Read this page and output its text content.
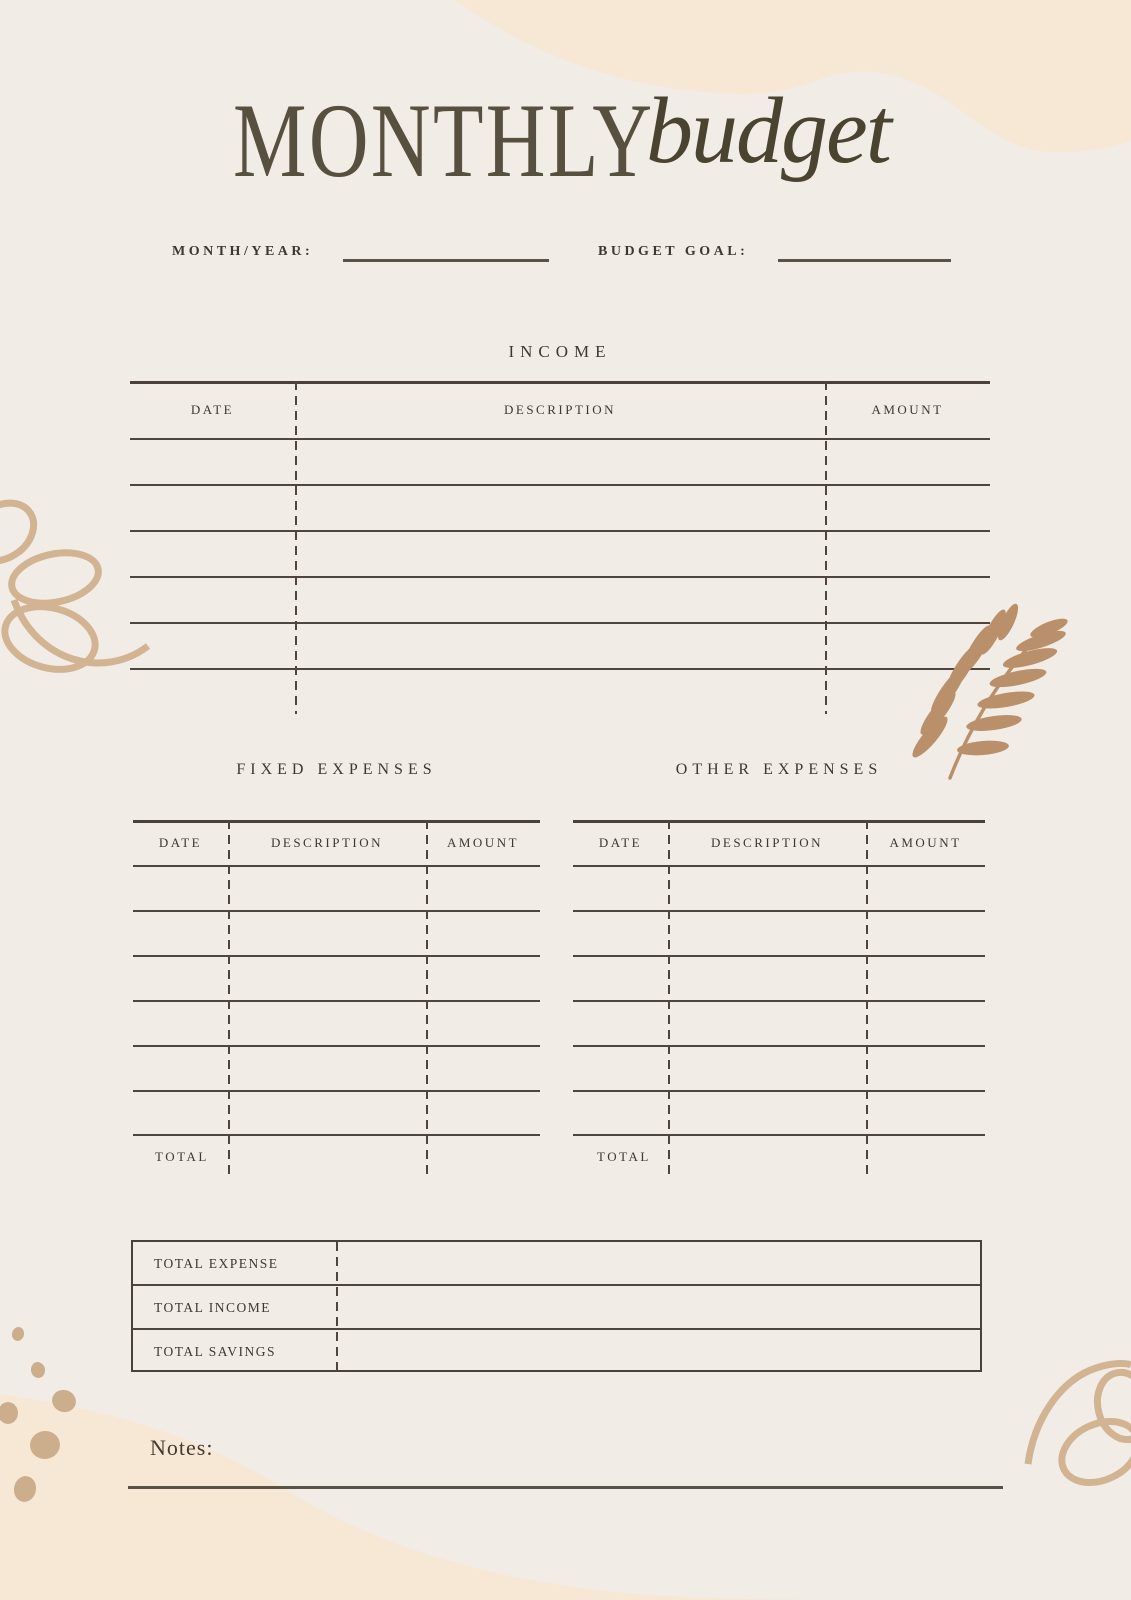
MONTHLY
budget
MONTH/YEAR:	BUDGET GOAL:
INCOME
DATE	DESCRIPTION	AMOUNT
FIXED EXPENSES
DATE	DESCRIPTION	AMOUNT
TOTAL
OTHER EXPENSES
DATE	DESCRIPTION	AMOUNT
TOTAL
TOTAL EXPENSE
TOTAL INCOME
TOTAL SAVINGS
Notes:
